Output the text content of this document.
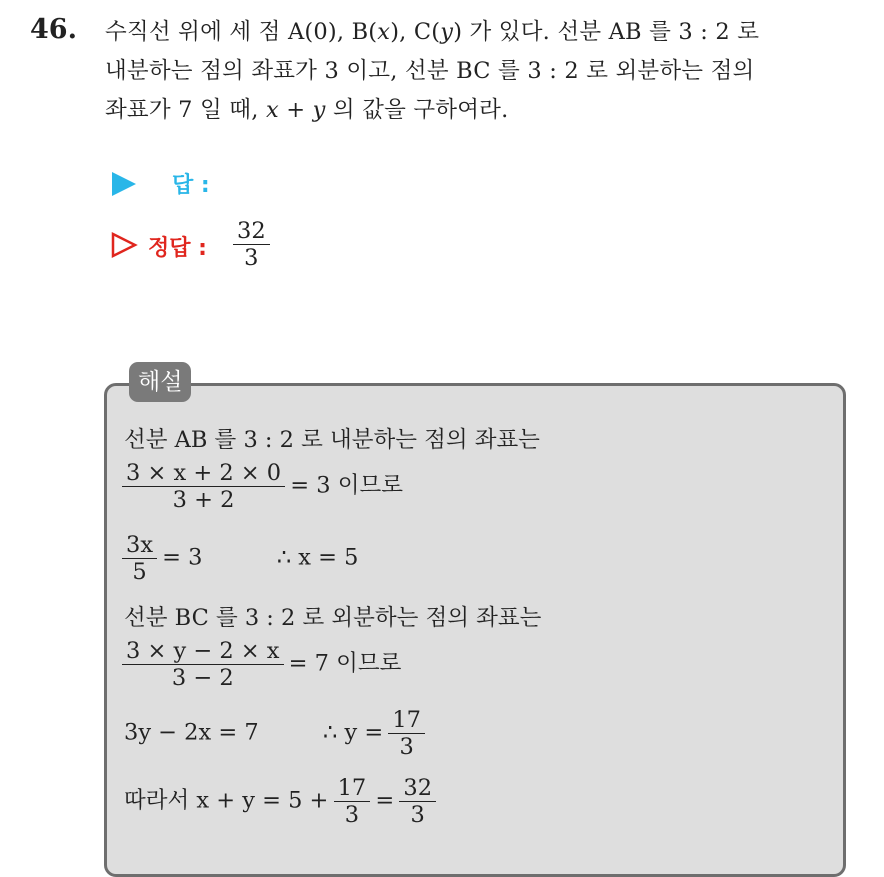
46. 수직선 위에 세 점 A(0), B(x), C(y) 가 있다. 선분 AB 를 3 : 2 로
내분하는 점의 좌표가 3 이고, 선분 BC 를 3 : 2 로 외분하는 점의
좌표가 7 일 때, x + y 의 값을 구하여라.
답 :
정답 : $\frac{32}{3}$
해설
선분 AB 를 3 : 2 로 내분하는 점의 좌표는
$\frac{3 \times x + 2 \times 0}{3 + 2} = 3$ 이므로
$\frac{3x}{5} = 3$	∴ x = 5
선분 BC 를 3 : 2 로 외분하는 점의 좌표는
$\frac{3 \times y - 2 \times x}{3 - 2} = 7$ 이므로
3y − 2x = 7	∴ $y = \frac{17}{3}$
따라서 $x + y = 5 + \frac{17}{3} = \frac{32}{3}$
